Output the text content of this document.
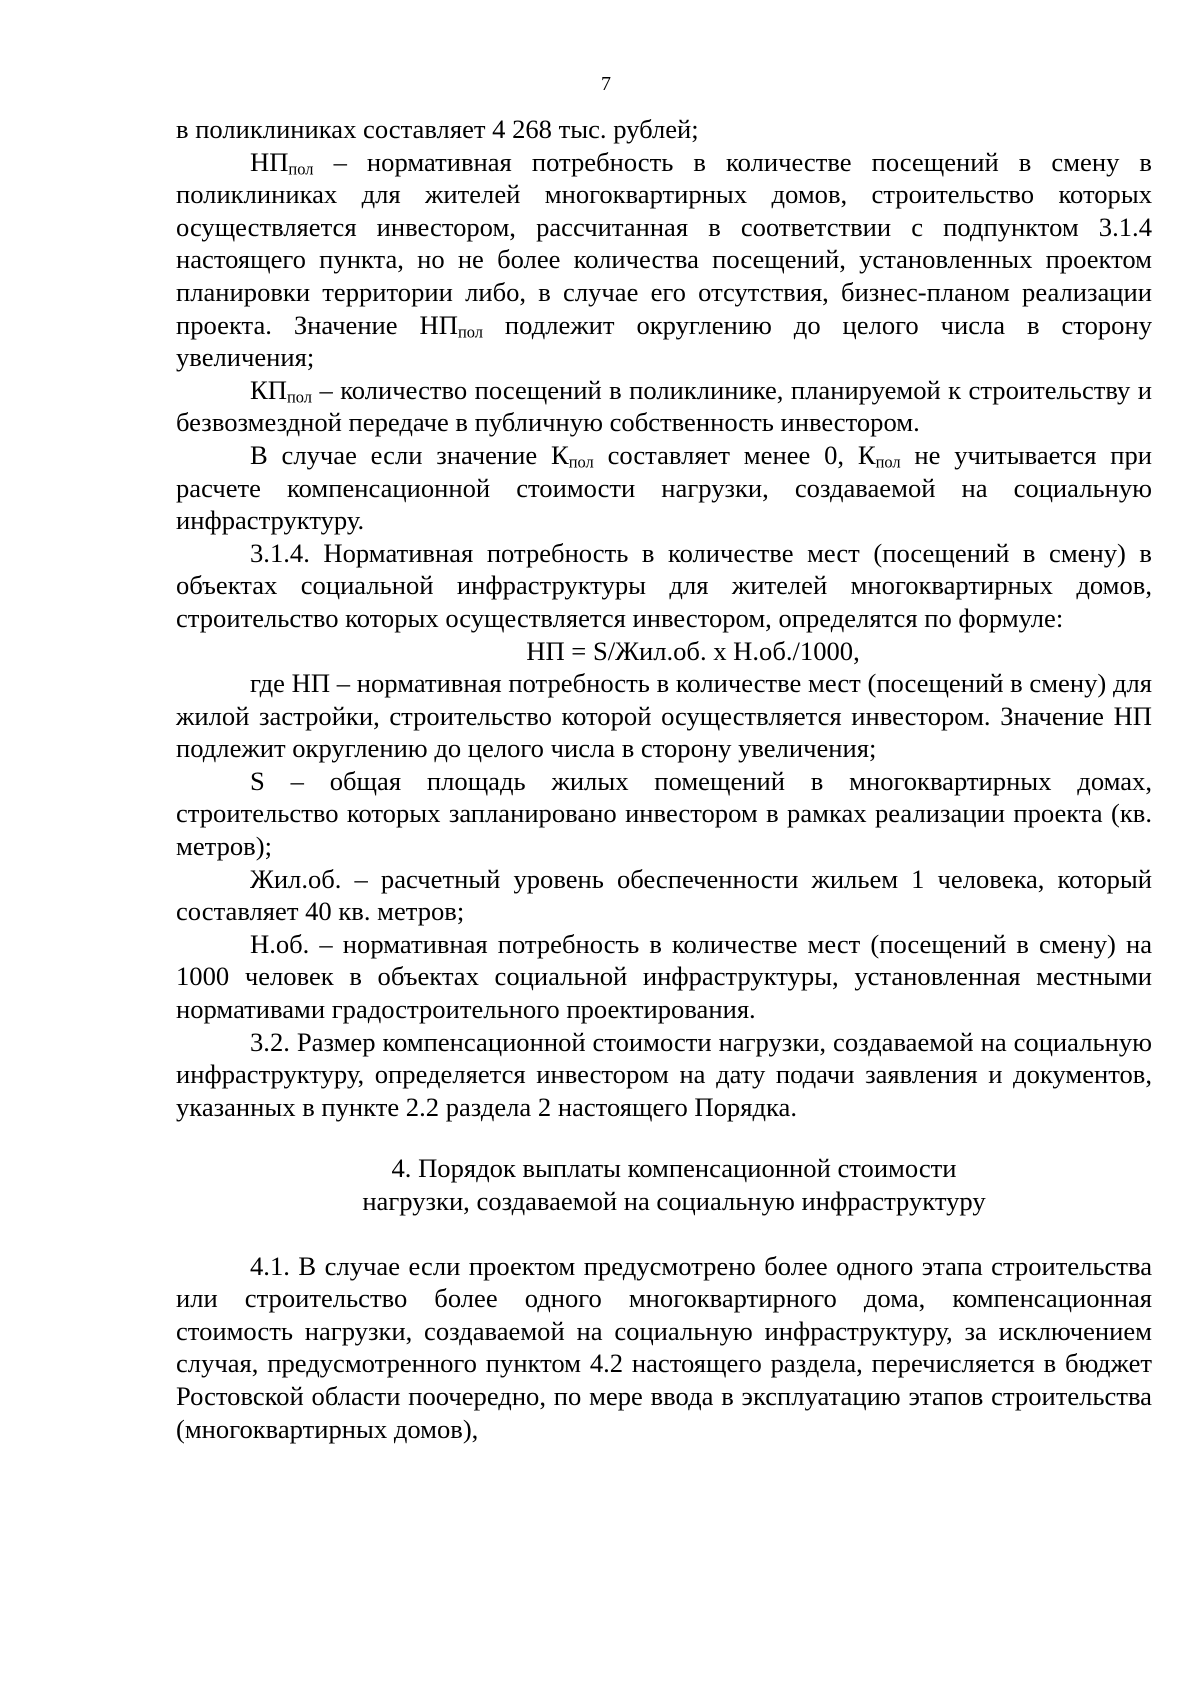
7

в поликлиниках составляет 4 268 тыс. рублей;

$НП_{пол}$ – нормативная потребность в количестве посещений в смену в поликлиниках для жителей многоквартирных домов, строительство которых осуществляется инвестором, рассчитанная в соответствии с подпунктом 3.1.4 настоящего пункта, но не более количества посещений, установленных проектом планировки территории либо, в случае его отсутствия, бизнес-планом реализации проекта. Значение $НП_{пол}$ подлежит округлению до целого числа в сторону увеличения;

$КП_{пол}$ – количество посещений в поликлинике, планируемой к строительству и безвозмездной передаче в публичную собственность инвестором.

В случае если значение $К_{пол}$ составляет менее 0, $К_{пол}$ не учитывается при расчете компенсационной стоимости нагрузки, создаваемой на социальную инфраструктуру.

3.1.4. Нормативная потребность в количестве мест (посещений в смену) в объектах социальной инфраструктуры для жителей многоквартирных домов, строительство которых осуществляется инвестором, определятся по формуле:

НП = S/Жил.об. х Н.об./1000,

где НП – нормативная потребность в количестве мест (посещений в смену) для жилой застройки, строительство которой осуществляется инвестором. Значение НП подлежит округлению до целого числа в сторону увеличения;

S – общая площадь жилых помещений в многоквартирных домах, строительство которых запланировано инвестором в рамках реализации проекта (кв. метров);

Жил.об. – расчетный уровень обеспеченности жильем 1 человека, который составляет 40 кв. метров;

Н.об. – нормативная потребность в количестве мест (посещений в смену) на 1000 человек в объектах социальной инфраструктуры, установленная местными нормативами градостроительного проектирования.

3.2. Размер компенсационной стоимости нагрузки, создаваемой на социальную инфраструктуру, определяется инвестором на дату подачи заявления и документов, указанных в пункте 2.2 раздела 2 настоящего Порядка.

4. Порядок выплаты компенсационной стоимости
нагрузки, создаваемой на социальную инфраструктуру

4.1. В случае если проектом предусмотрено более одного этапа строительства или строительство более одного многоквартирного дома, компенсационная стоимость нагрузки, создаваемой на социальную инфраструктуру, за исключением случая, предусмотренного пунктом 4.2 настоящего раздела, перечисляется в бюджет Ростовской области поочередно, по мере ввода в эксплуатацию этапов строительства (многоквартирных домов),
